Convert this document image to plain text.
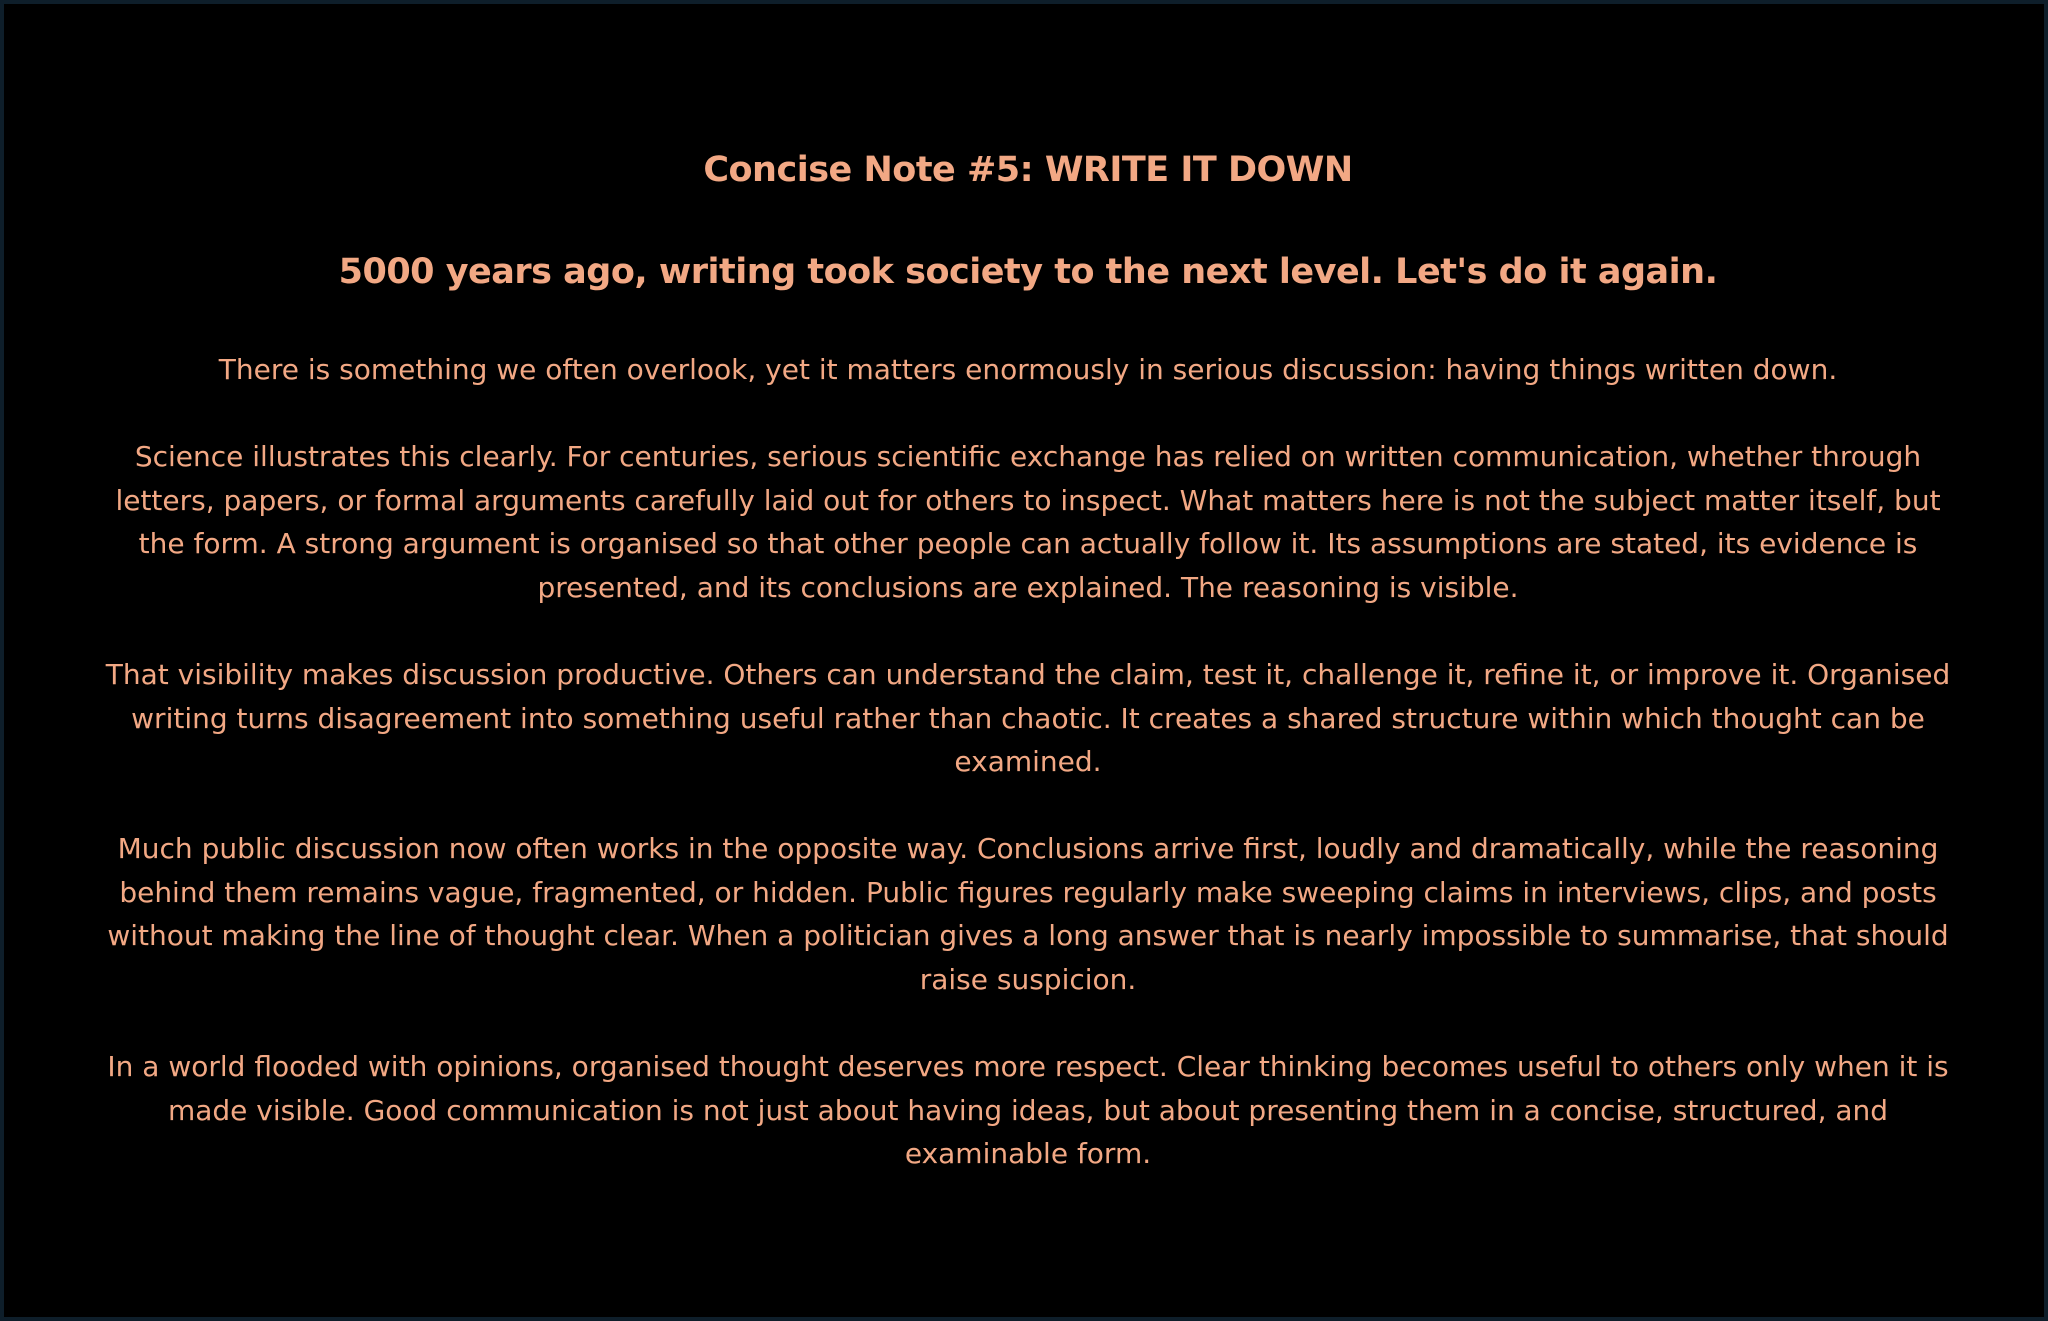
Concise Note #5: WRITE IT DOWN
5000 years ago, writing took society to the next level. Let's do it again.

There is something we often overlook, yet it matters enormously in serious discussion: having things written down.

Science illustrates this clearly. For centuries, serious scientific exchange has relied on written communication, whether through letters, papers, or formal arguments carefully laid out for others to inspect. What matters here is not the subject matter itself, but the form. A strong argument is organised so that other people can actually follow it. Its assumptions are stated, its evidence is presented, and its conclusions are explained. The reasoning is visible.

That visibility makes discussion productive. Others can understand the claim, test it, challenge it, refine it, or improve it. Organised writing turns disagreement into something useful rather than chaotic. It creates a shared structure within which thought can be examined.

Much public discussion now often works in the opposite way. Conclusions arrive first, loudly and dramatically, while the reasoning behind them remains vague, fragmented, or hidden. Public figures regularly make sweeping claims in interviews, clips, and posts without making the line of thought clear. When a politician gives a long answer that is nearly impossible to summarise, that should raise suspicion.

In a world flooded with opinions, organised thought deserves more respect. Clear thinking becomes useful to others only when it is made visible. Good communication is not just about having ideas, but about presenting them in a concise, structured, and examinable form.
